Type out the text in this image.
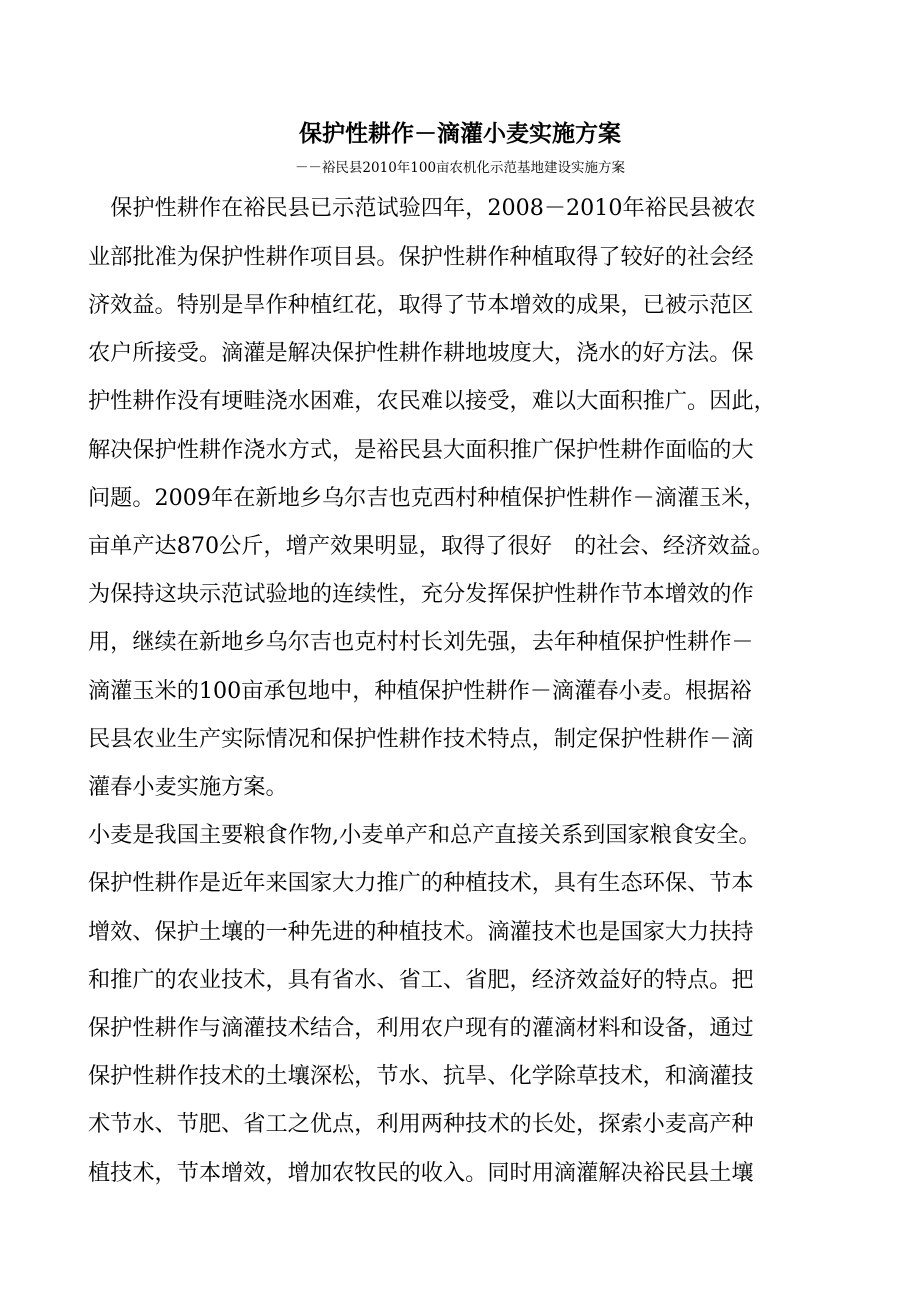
保护性耕作－滴灌小麦实施方案
－－裕民县2010年100亩农机化示范基地建设实施方案
　保护性耕作在裕民县已示范试验四年，2008－2010年裕民县被农
业部批准为保护性耕作项目县。保护性耕作种植取得了较好的社会经
济效益。特别是旱作种植红花，取得了节本增效的成果，已被示范区
农户所接受。滴灌是解决保护性耕作耕地坡度大，浇水的好方法。保
护性耕作没有埂畦浇水困难，农民难以接受，难以大面积推广。因此，
解决保护性耕作浇水方式，是裕民县大面积推广保护性耕作面临的大
问题。2009年在新地乡乌尔吉也克西村种植保护性耕作－滴灌玉米，
亩单产达870公斤，增产效果明显，取得了很好　的社会、经济效益。
为保持这块示范试验地的连续性，充分发挥保护性耕作节本增效的作
用，继续在新地乡乌尔吉也克村村长刘先强，去年种植保护性耕作－
滴灌玉米的100亩承包地中，种植保护性耕作－滴灌春小麦。根据裕
民县农业生产实际情况和保护性耕作技术特点，制定保护性耕作－滴
灌春小麦实施方案。
小麦是我国主要粮食作物,小麦单产和总产直接关系到国家粮食安全。
保护性耕作是近年来国家大力推广的种植技术，具有生态环保、节本
增效、保护土壤的一种先进的种植技术。滴灌技术也是国家大力扶持
和推广的农业技术，具有省水、省工、省肥，经济效益好的特点。把
保护性耕作与滴灌技术结合，利用农户现有的灌滴材料和设备，通过
保护性耕作技术的土壤深松，节水、抗旱、化学除草技术，和滴灌技
术节水、节肥、省工之优点，利用两种技术的长处，探索小麦高产种
植技术，节本增效，增加农牧民的收入。同时用滴灌解决裕民县土壤
